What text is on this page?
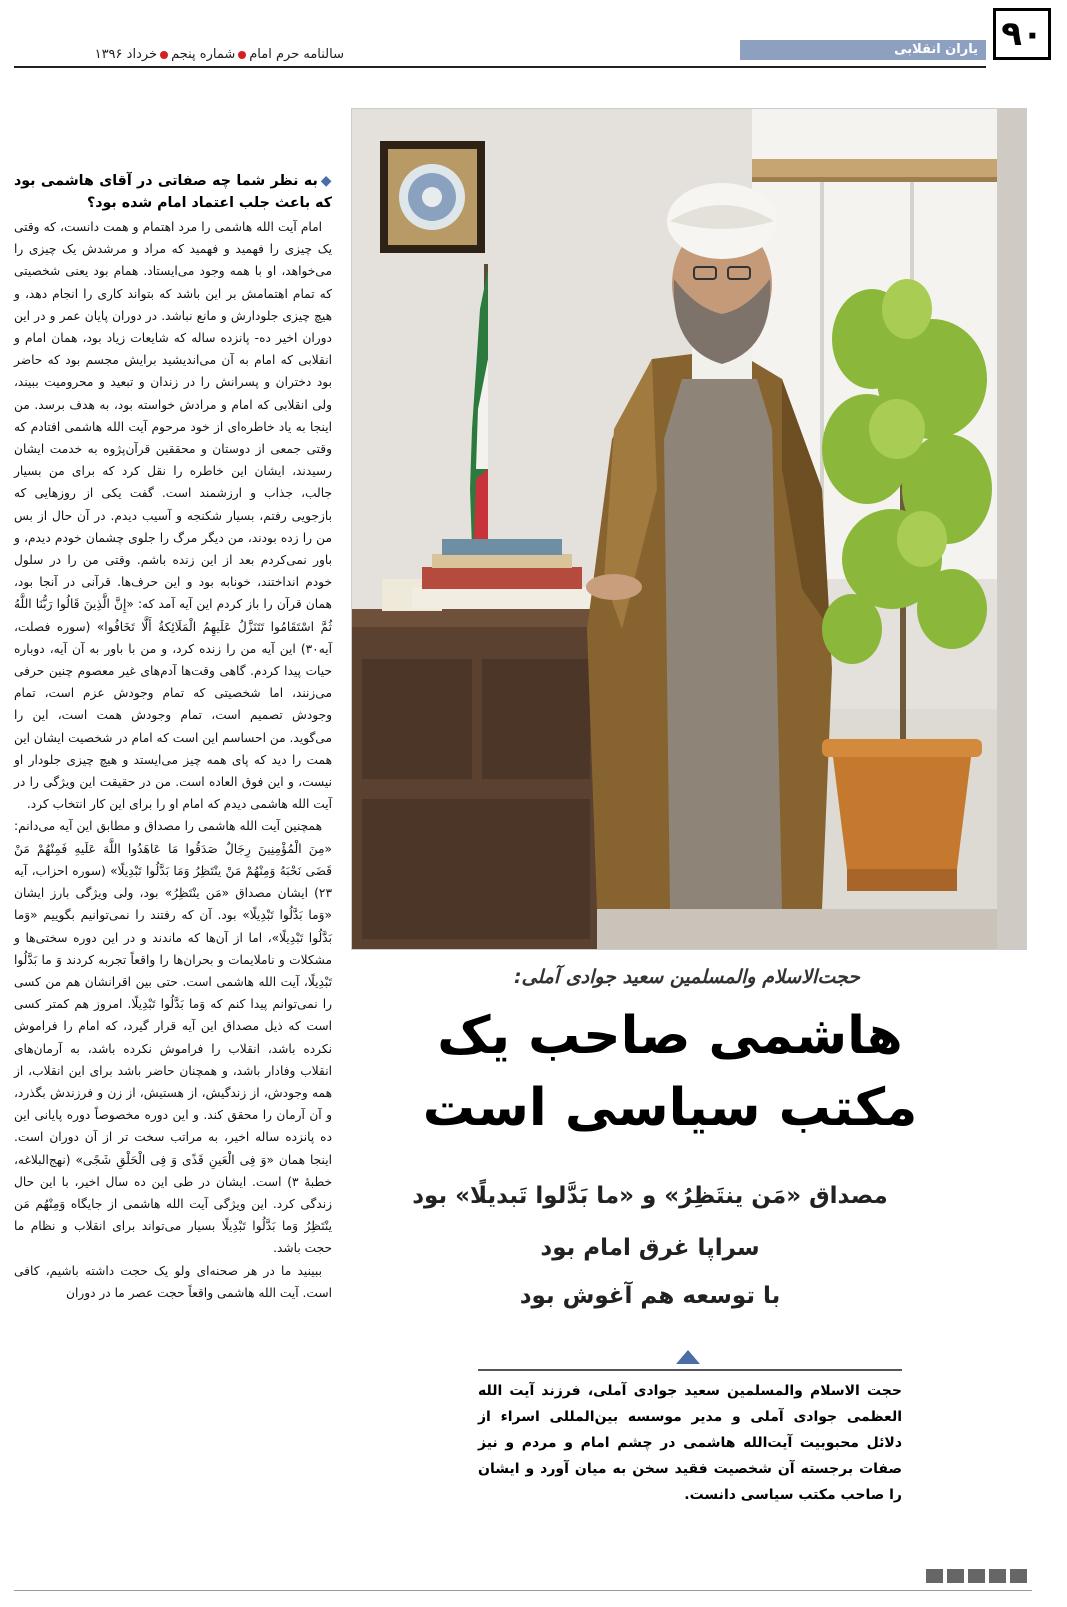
۹۰
یاران انقلابی
سالنامه حرم امامشماره پنجمخرداد ۱۳۹۶
◆به نظر شما چه صفاتی در آقای هاشمی بود که باعث جلب اعتماد امام شده بود؟

امام آیت الله هاشمی را مرد اهتمام و همت دانست، که وقتی یک چیزی را فهمید و فهمید که مراد و مرشدش یک چیزی را می‌خواهد، او با همه وجود می‌ایستاد. همام بود یعنی شخصیتی که تمام اهتمامش بر این باشد که بتواند کاری را انجام دهد، و هیچ چیزی جلودارش و مانع نباشد. در دوران پایان عمر و در این دوران اخیر ده- پانزده ساله که شایعات زیاد بود، همان امام و انقلابی که امام به آن می‌اندیشید برایش مجسم بود که حاضر بود دختران و پسرانش را در زندان و تبعید و محرومیت ببیند، ولی انقلابی که امام و مرادش خواسته بود، به هدف برسد. من اینجا به یاد خاطره‌ای از خود مرحوم آیت الله هاشمی افتادم که وقتی جمعی از دوستان و محققین قرآن‌پژوه به خدمت ایشان رسیدند، ایشان این خاطره را نقل کرد که برای من بسیار جالب، جذاب و ارزشمند است. گفت یکی از روزهایی که بازجویی رفتم، بسیار شکنجه و آسیب دیدم. در آن حال از بس من را زده بودند، من دیگر مرگ را جلوی چشمان خودم دیدم، و باور نمی‌کردم بعد از این زنده باشم. وقتی من را در سلول خودم انداختند، خونابه بود و این حرف‌ها. قرآنی در آنجا بود، همان قرآن را باز کردم این آیه آمد که: «إِنَّ الَّذِینَ قَالُوا رَبُّنَا اللَّهُ ثُمَّ اسْتَقَامُوا تَتَنَزَّلُ عَلَیهِمُ الْمَلَائِکةُ أَلَّا تَخَافُوا» (سوره فصلت، آیه۳۰) این آیه من را زنده کرد، و من با باور به آن آیه، دوباره حیات پیدا کردم. گاهی وقت‌ها آدم‌های غیر معصوم چنین حرفی می‌زنند، اما شخصیتی که تمام وجودش عزم است، تمام وجودش تصمیم است، تمام وجودش همت است، این را می‌گوید. من احساسم این است که امام در شخصیت ایشان این همت را دید که پای همه چیز می‌ایستد و هیچ چیزی جلودار او نیست، و این فوق العاده است. من در حقیقت این ویژگی را در آیت الله هاشمی دیدم که امام او را برای این کار انتخاب کرد.

همچنین آیت الله هاشمی را مصداق و مطابق این آیه می‌دانم: «مِنَ الْمُؤْمِنِینَ رِجَالٌ صَدَقُوا مَا عَاهَدُوا اللَّهَ عَلَیهِ فَمِنْهُمْ مَنْ قَضَی نَحْبَهُ وَمِنْهُمْ مَنْ ینْتَظِرُ وَمَا بَدَّلُوا تَبْدِیلًا» (سوره احزاب، آیه ۲۳) ایشان مصداق «مَن ینْتَظِرُ» بود، ولی ویژگی بارز ایشان «وَما بَدَّلُوا تَبْدِیلًا» بود. آن که رفتند را نمی‌توانیم بگوییم «وَما بَدَّلُوا تَبْدِیلًا»، اما از آن‌ها که ماندند و در این دوره سختی‌ها و مشکلات و ناملایمات و بحران‌ها را واقعاً تجربه کردند وَ ما بَدَّلُوا تَبْدِیلًا، آیت الله هاشمی است. حتی بین اقرانشان هم من کسی را نمی‌توانم پیدا کنم که وَما بَدَّلُوا تَبْدِیلًا. امروز هم کمتر کسی است که ذیل مصداق این آیه قرار گیرد، که امام را فراموش نکرده باشد، انقلاب را فراموش نکرده باشد، به آرمان‌های انقلاب وفادار باشد، و همچنان حاضر باشد برای این انقلاب، از همه وجودش، از زندگیش، از هستیش، از زن و فرزندش بگذرد، و آن آرمان را محقق کند. و این دوره مخصوصاً دوره پایانی این ده پانزده ساله اخیر، به مراتب سخت تر از آن دوران است. اینجا همان «وَ فِی الْعَینِ قَذًی وَ فِی الْحَلْقِ شَجًی» (نهج‌البلاغه، خطبهٔ ۳) است. ایشان در طی این ده سال اخیر، با این حال زندگی کرد. این ویژگی آیت الله هاشمی از جایگاه وَمِنْهُم مَن ینْتَظِرُ وَما بَدَّلُوا تَبْدِیلًا بسیار می‌تواند برای انقلاب و نظام ما حجت باشد.

ببینید ما در هر صحنه‌ای ولو یک حجت داشته باشیم، کافی است. آیت الله هاشمی واقعاً حجت عصر ما در دوران

حجت‌الاسلام والمسلمین سعید جوادی آملی:
هاشمی صاحب یک مکتب سیاسی است
مصداق «مَن ینتَظِرُ» و «ما بَدَّلوا تَبدیلًا» بود
سراپا غرق امام بود
با توسعه هم آغوش بود
حجت الاسلام والمسلمین سعید جوادی آملی، فرزند آیت الله العظمی جوادی آملی و مدیر موسسه بین‌المللی اسراء از دلائل محبوبیت آیت‌الله هاشمی در چشم امام و مردم و نیز صفات برجسته آن شخصیت فقید سخن به میان آورد و ایشان را صاحب مکتب سیاسی دانست.
